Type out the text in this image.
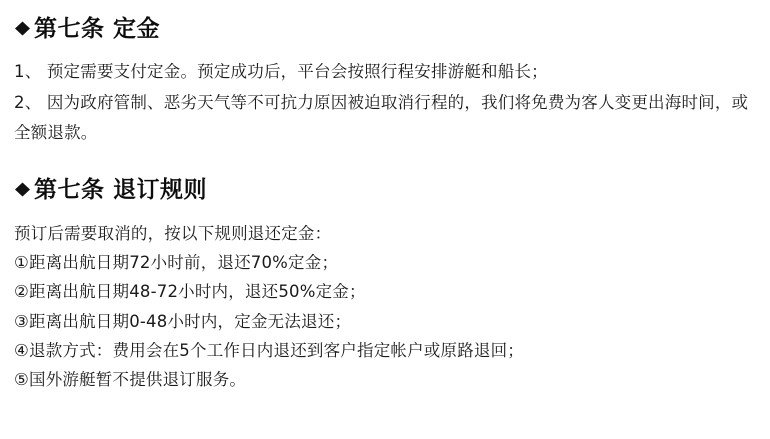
第七条 定金

1、 预定需要支付定金。预定成功后，平台会按照行程安排游艇和船长；

2、 因为政府管制、恶劣天气等不可抗力原因被迫取消行程的，我们将免费为客人变更出海时间，或全额退款。

第七条 退订规则

预订后需要取消的，按以下规则退还定金：

①距离出航日期72小时前，退还70%定金；

②距离出航日期48-72小时内，退还50%定金；

③距离出航日期0-48小时内，定金无法退还；

④退款方式：费用会在5个工作日内退还到客户指定帐户或原路退回；

⑤国外游艇暂不提供退订服务。
